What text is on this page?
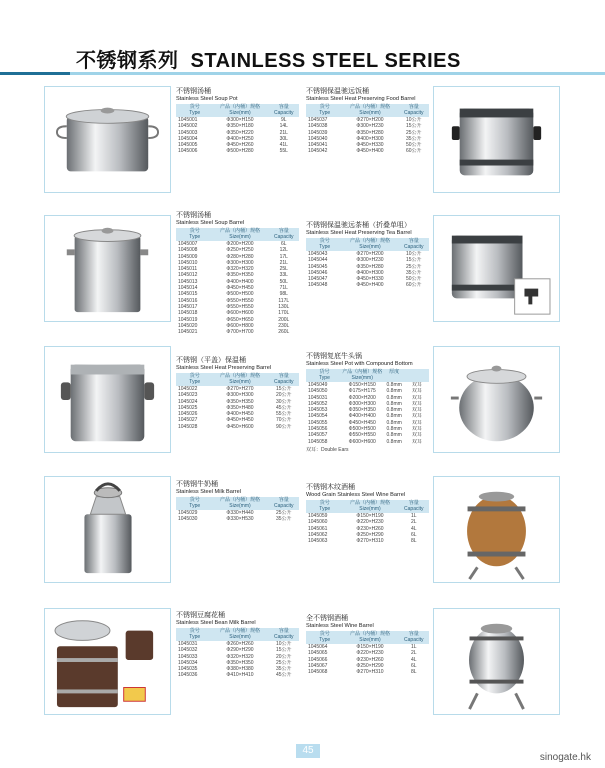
不锈钢系列 STAINLESS STEEL SERIES
不锈钢汤桶
Stainless Steel Soup Pot
货号
Type
产品（内桶）规格
Size(mm)
容量
Capacity
1045001	Φ300×H150	9L
1045002	Φ350×H180	14L
1045003	Φ350×H220	21L
1045004	Φ400×H250	30L
1045005	Φ450×H260	41L
1045006	Φ500×H280	55L
不锈钢保温驰远饭桶
Stainless Steel Heat Preserving Food Barrel
货号
Type
产品（内桶）规格
Size(mm)
容量
Capacity
1045037	Φ270×H200	10公升
1045038	Φ300×H230	15公升
1045039	Φ350×H280	25公升
1045040	Φ400×H300	35公升
1045041	Φ450×H330	50公升
1045042	Φ450×H400	60公升
不锈钢汤桶
Stainless Steel Soup Barrel
货号
Type
产品（内桶）规格
Size(mm)
容量
Capacity
1045007	Φ200×H200	6L
1045008	Φ250×H250	12L
1045009	Φ280×H280	17L
1045010	Φ300×H300	21L
1045011	Φ320×H320	25L
1045012	Φ350×H350	33L
1045013	Φ400×H400	50L
1045014	Φ450×H450	71L
1045015	Φ500×H500	98L
1045016	Φ550×H550	117L
1045017	Φ550×H550	130L
1045018	Φ600×H600	170L
1045019	Φ650×H650	200L
1045020	Φ600×H800	230L
1045021	Φ700×H700	260L
不锈钢保温驰远茶桶（折叠单咀）
Stainless Steel Heat Preserving Tea Barrel
货号
Type
产品（内桶）规格
Size(mm)
容量
Capacity
1045043	Φ270×H200	10公升
1045044	Φ300×H230	15公升
1045045	Φ350×H280	25公升
1045046	Φ400×H300	35公升
1045047	Φ450×H330	50公升
1045048	Φ450×H400	60公升
不锈钢（平盖）保温桶
Stainless Steel Heat Preserving Barrel
货号
Type
产品（内桶）规格
Size(mm)
容量
Capacity
1045022	Φ270×H270	15公升
1045023	Φ300×H300	20公升
1045024	Φ350×H350	30公升
1045025	Φ350×H480	45公升
1045026	Φ400×H450	55公升
1045027	Φ450×H450	70公升
1045028	Φ450×H600	90公升
不锈钢复底牛头锅
Stainless Steel Pot with Compound Bottom
货号
Type
产品（内桶）规格
Size(mm)
厚度
1045049	Φ150×H150	0.8mm	双耳
1045050	Φ175×H175	0.8mm	双耳
1045031	Φ200×H200	0.8mm	双耳
1045052	Φ300×H300	0.8mm	双耳
1045053	Φ350×H350	0.8mm	双耳
1045054	Φ400×H400	0.8mm	双耳
1045055	Φ450×H450	0.8mm	双耳
1045056	Φ500×H500	0.8mm	双耳
1045057	Φ550×H550	0.8mm	双耳
1045058	Φ600×H600	0.8mm	双耳
双耳：Double Ears
不锈钢牛奶桶
Stainless Steel Milk Barrel
货号
Type
产品（内桶）规格
Size(mm)
容量
Capacity
1045029	Φ330×H440	25公升
1045030	Φ330×H530	35公升
不锈钢木纹酒桶
Wood Grain Stainless Steel Wine Barrel
货号
Type
产品（内桶）规格
Size(mm)
容量
Capacity
1045059	Φ150×H190	1L
1045060	Φ220×H230	2L
1045061	Φ230×H260	4L
1045062	Φ250×H290	6L
1045063	Φ270×H310	8L
不锈钢豆腐花桶
Stainless Steel Bean Milk Barrel
货号
Type
产品（内桶）规格
Size(mm)
容量
Capacity
1045031	Φ260×H260	10公升
1045032	Φ290×H290	15公升
1045033	Φ320×H320	20公升
1045034	Φ350×H350	25公升
1045035	Φ380×H380	35公升
1045036	Φ410×H410	45公升
全不锈钢酒桶
Stainless Steel Wine Barrel
货号
Type
产品（内桶）规格
Size(mm)
容量
Capacity
1045064	Φ150×H190	1L
1045065	Φ220×H230	2L
1045066	Φ230×H260	4L
1045067	Φ250×H290	6L
1045068	Φ270×H310	8L
45
sinogate.hk
